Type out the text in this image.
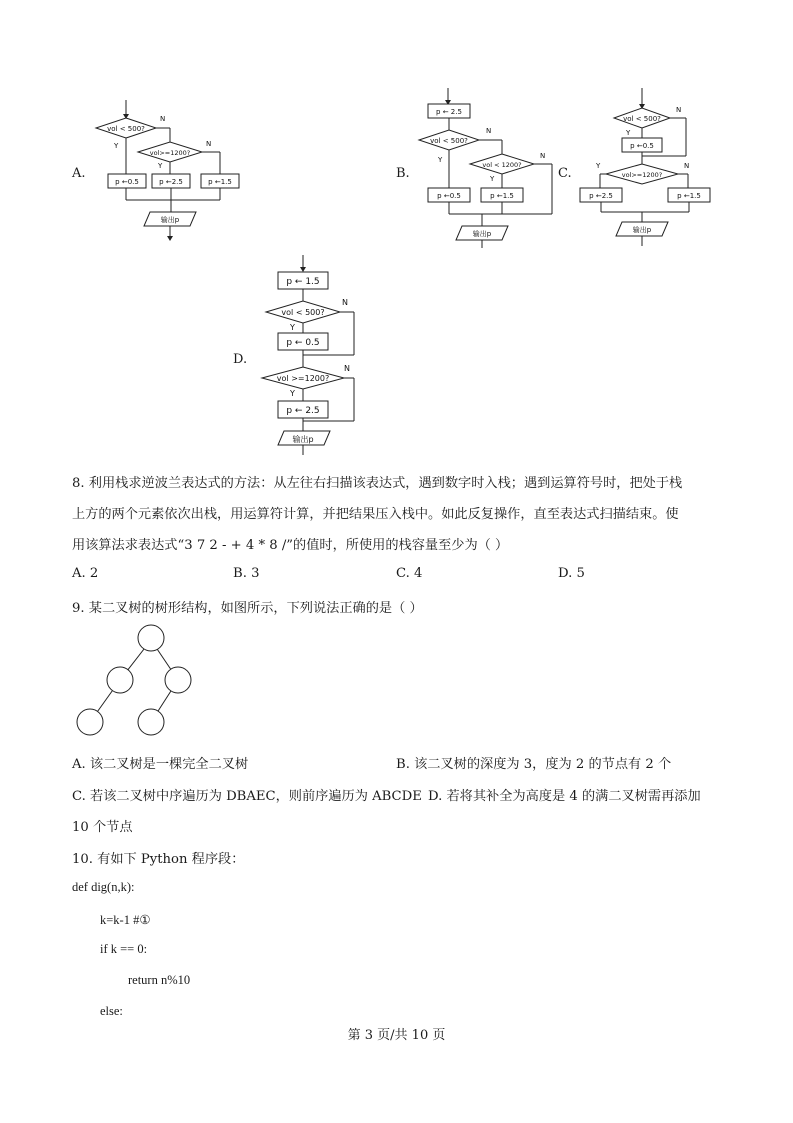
A.
vol < 500?
N
vol>=1200?
N
Y
Y
p ←0.5	p ←2.5	p ←1.5
输出p
B.
p ← 2.5
vol < 500?
N
vol < 1200?
N
Y
Y
p ←0.5	p ←1.5
输出p
C.
vol < 500?
N
Y
p ←0.5
vol>=1200?
N
Y
p ←2.5	p ←1.5
输出p
D.
p ← 1.5
vol < 500?
N
Y
p ← 0.5
vol >=1200?
N
Y
p ← 2.5
输出p
8. 利用栈求逆波兰表达式的方法：从左往右扫描该表达式，遇到数字时入栈；遇到运算符号时，把处于栈
上方的两个元素依次出栈，用运算符计算，并把结果压入栈中。如此反复操作，直至表达式扫描结束。使
用该算法求表达式“3 7 2 - + 4 * 8 /”的值时，所使用的栈容量至少为（ ）
A. 2	B. 3	C. 4	D. 5
9. 某二叉树的树形结构，如图所示，下列说法正确的是（ ）
A. 该二叉树是一棵完全二叉树	B. 该二叉树的深度为 3，度为 2 的节点有 2 个
C. 若该二叉树中序遍历为 DBAEC，则前序遍历为 ABCDE D. 若将其补全为高度是 4 的满二叉树需再添加
10 个节点
10. 有如下 Python 程序段：
def dig(n,k):
k=k-1 #①
if k == 0:
return n%10
else:
第 3 页/共 10 页
